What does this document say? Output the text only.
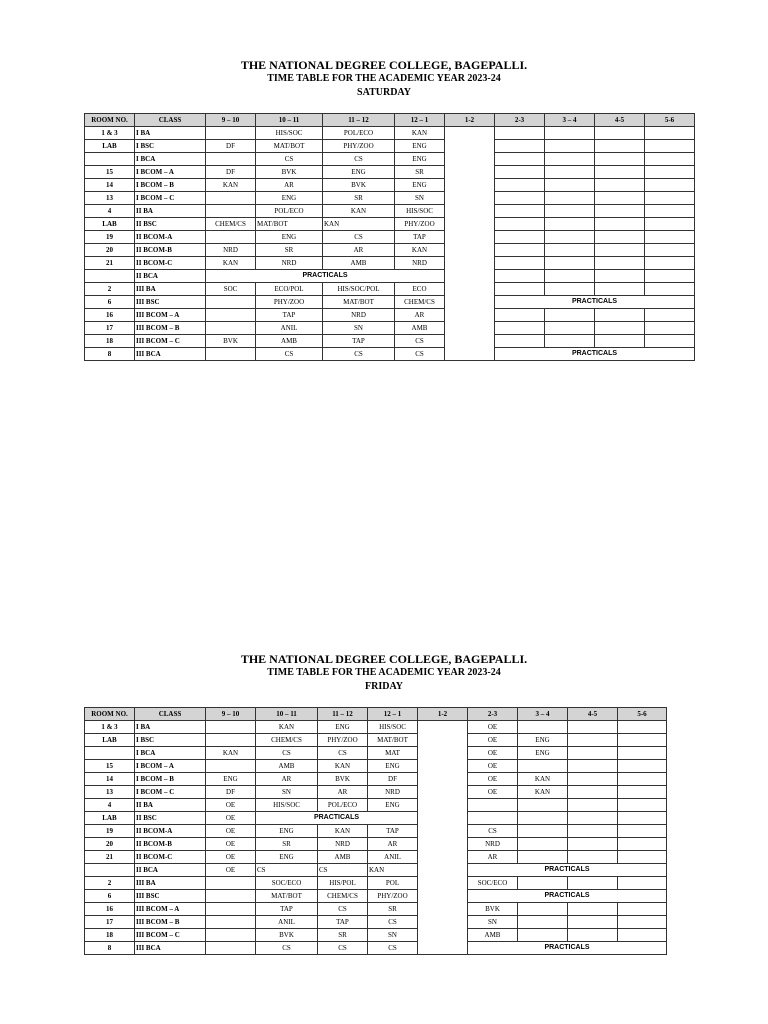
THE NATIONAL DEGREE COLLEGE, BAGEPALLI.
TIME TABLE FOR THE ACADEMIC YEAR 2023-24
SATURDAY
ROOM NO.	CLASS	9 – 10	10 – 11	11 – 12	12 – 1	1-2	2-3	3 – 4	4-5	5-6
1 & 3	I BA		HIS/SOC	POL/ECO	KAN					
LAB	I BSC	DF	MAT/BOT	PHY/ZOO	ENG					
	I BCA		CS	CS	ENG					
15	I BCOM – A	DF	BVK	ENG	SR					
14	I BCOM – B	KAN	AR	BVK	ENG					
13	I BCOM – C		ENG	SR	SN					
4	II BA		POL/ECO	KAN	HIS/SOC					
LAB	II BSC	CHEM/CS	MAT/BOT	KAN	PHY/ZOO					
19	II BCOM-A		ENG	CS	TAP					
20	II BCOM-B	NRD	SR	AR	KAN					
21	II BCOM-C	KAN	NRD	AMB	NRD					
	II BCA	PRACTICALS								
2	III BA	SOC	ECO/POL	HIS/SOC/POL	ECO					
6	III BSC		PHY/ZOO	MAT/BOT	CHEM/CS		PRACTICALS			
16	III BCOM – A		TAP	NRD	AR					
17	III BCOM – B		ANIL	SN	AMB					
18	III BCOM – C	BVK	AMB	TAP	CS					
8	III BCA		CS	CS	CS		PRACTICALS			
THE NATIONAL DEGREE COLLEGE, BAGEPALLI.
TIME TABLE FOR THE ACADEMIC YEAR 2023-24
FRIDAY
ROOM NO.	CLASS	9 – 10	10 – 11	11 – 12	12 – 1	1-2	2-3	3 – 4	4-5	5-6
1 & 3	I BA		KAN	ENG	HIS/SOC		OE			
LAB	I BSC		CHEM/CS	PHY/ZOO	MAT/BOT		OE	ENG		
	I BCA	KAN	CS	CS	MAT		OE	ENG		
15	I BCOM – A		AMB	KAN	ENG		OE			
14	I BCOM – B	ENG	AR	BVK	DF		OE	KAN		
13	I BCOM – C	DF	SN	AR	NRD		OE	KAN		
4	II BA	OE	HIS/SOC	POL/ECO	ENG					
LAB	II BSC	OE	PRACTICALS							
19	II BCOM-A	OE	ENG	KAN	TAP		CS			
20	II BCOM-B	OE	SR	NRD	AR		NRD			
21	II BCOM-C	OE	ENG	AMB	ANIL		AR			
	II BCA	OE	CS	CS	KAN		PRACTICALS			
2	III BA		SOC/ECO	HIS/POL	POL		SOC/ECO			
6	III BSC		MAT/BOT	CHEM/CS	PHY/ZOO		PRACTICALS			
16	III BCOM – A		TAP	CS	SR		BVK			
17	III BCOM – B		ANIL	TAP	CS		SN			
18	III BCOM – C		BVK	SR	SN		AMB			
8	III BCA		CS	CS	CS		PRACTICALS			
